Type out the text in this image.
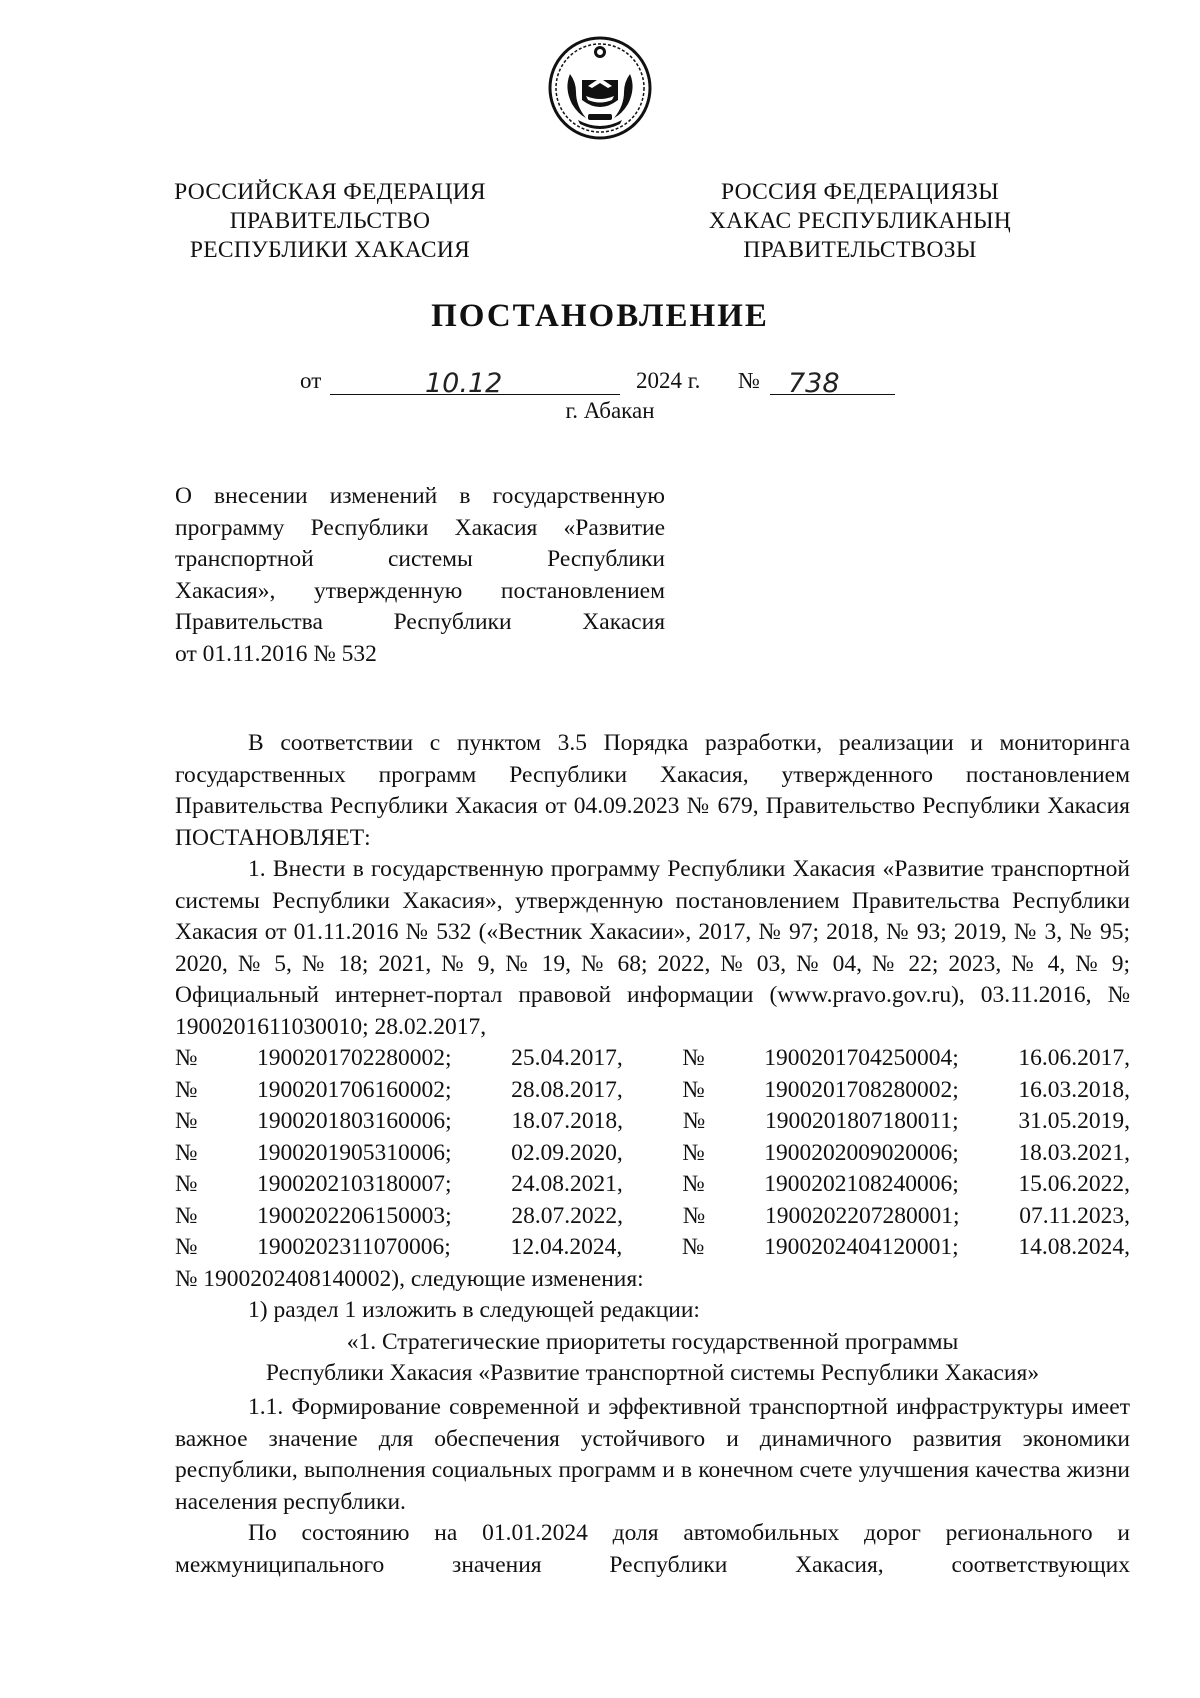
РОССИЙСКАЯ ФЕДЕРАЦИЯ
ПРАВИТЕЛЬСТВО
РЕСПУБЛИКИ ХАКАСИЯ
РОССИЯ ФЕДЕРАЦИЯЗЫ
ХАКАС РЕСПУБЛИКАНЫҢ
ПРАВИТЕЛЬСТВОЗЫ
ПОСТАНОВЛЕНИЕ
от	10.12	2024 г. № 738
г. Абакан
О внесении изменений в государственную
программу Республики Хакасия «Развитие
транспортной системы Республики
Хакасия», утвержденную постановлением
Правительства Республики Хакасия
от 01.11.2016 № 532

В соответствии с пунктом 3.5 Порядка разработки, реализации и мониторинга государственных программ Республики Хакасия, утвержденного постановлением Правительства Республики Хакасия от 04.09.2023 № 679, Правительство Республики Хакасия ПОСТАНОВЛЯЕТ:

1. Внести в государственную программу Республики Хакасия «Развитие транспортной системы Республики Хакасия», утвержденную постановлением Правительства Республики Хакасия от 01.11.2016 № 532 («Вестник Хакасии», 2017, № 97; 2018, № 93; 2019, № 3, № 95; 2020, № 5, № 18; 2021, № 9, № 19, № 68; 2022, № 03, № 04, № 22; 2023, № 4, № 9; Официальный интернет-портал правовой информации (www.pravo.gov.ru), 03.11.2016, № 1900201611030010; 28.02.2017,

№	1900201702280002;	25.04.2017,	№	1900201704250004;	16.06.2017,
№	1900201706160002;	28.08.2017,	№	1900201708280002;	16.03.2018,
№	1900201803160006;	18.07.2018,	№	1900201807180011;	31.05.2019,
№	1900201905310006;	02.09.2020,	№	1900202009020006;	18.03.2021,
№	1900202103180007;	24.08.2021,	№	1900202108240006;	15.06.2022,
№	1900202206150003;	28.07.2022,	№	1900202207280001;	07.11.2023,
№	1900202311070006;	12.04.2024,	№	1900202404120001;	14.08.2024,
№ 1900202408140002), следующие изменения:

1) раздел 1 изложить в следующей редакции:

«1. Стратегические приоритеты государственной программы
Республики Хакасия «Развитие транспортной системы Республики Хакасия»

1.1. Формирование современной и эффективной транспортной инфраструктуры имеет важное значение для обеспечения устойчивого и динамичного развития экономики республики, выполнения социальных программ и в конечном счете улучшения качества жизни населения республики.

По состоянию на 01.01.2024 доля автомобильных дорог регионального и межмуниципального значения Республики Хакасия, соответствующих
